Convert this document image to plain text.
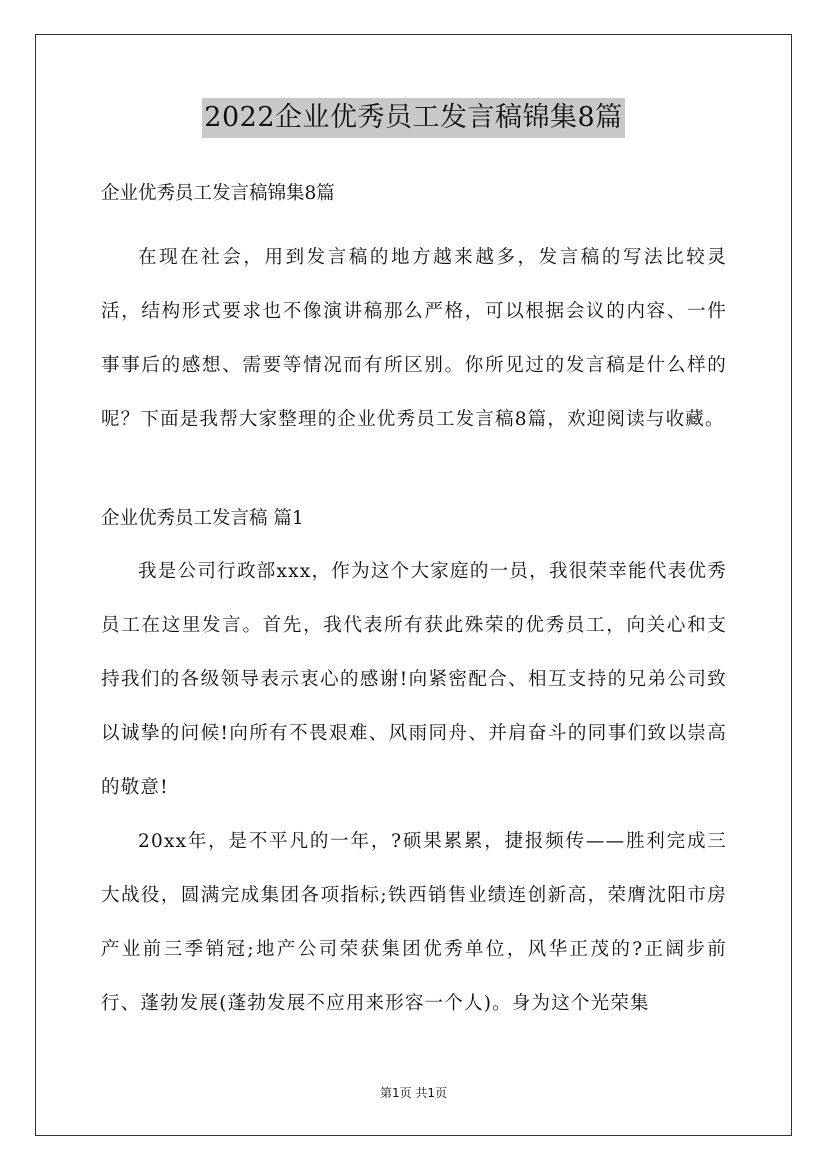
2022企业优秀员工发言稿锦集8篇
企业优秀员工发言稿锦集8篇

在现在社会，用到发言稿的地方越来越多，发言稿的写法比较灵活，结构形式要求也不像演讲稿那么严格，可以根据会议的内容、一件事事后的感想、需要等情况而有所区别。你所见过的发言稿是什么样的呢？下面是我帮大家整理的企业优秀员工发言稿8篇，欢迎阅读与收藏。

企业优秀员工发言稿 篇1

我是公司行政部xxx，作为这个大家庭的一员，我很荣幸能代表优秀员工在这里发言。首先，我代表所有获此殊荣的优秀员工，向关心和支持我们的各级领导表示衷心的感谢!向紧密配合、相互支持的兄弟公司致以诚挚的问候!向所有不畏艰难、风雨同舟、并肩奋斗的同事们致以崇高的敬意!

20xx年，是不平凡的一年，?硕果累累，捷报频传——胜利完成三大战役，圆满完成集团各项指标;铁西销售业绩连创新高，荣膺沈阳市房产业前三季销冠;地产公司荣获集团优秀单位，风华正茂的?正阔步前行、蓬勃发展(蓬勃发展不应用来形容一个人)。身为这个光荣集

第1页 共1页
